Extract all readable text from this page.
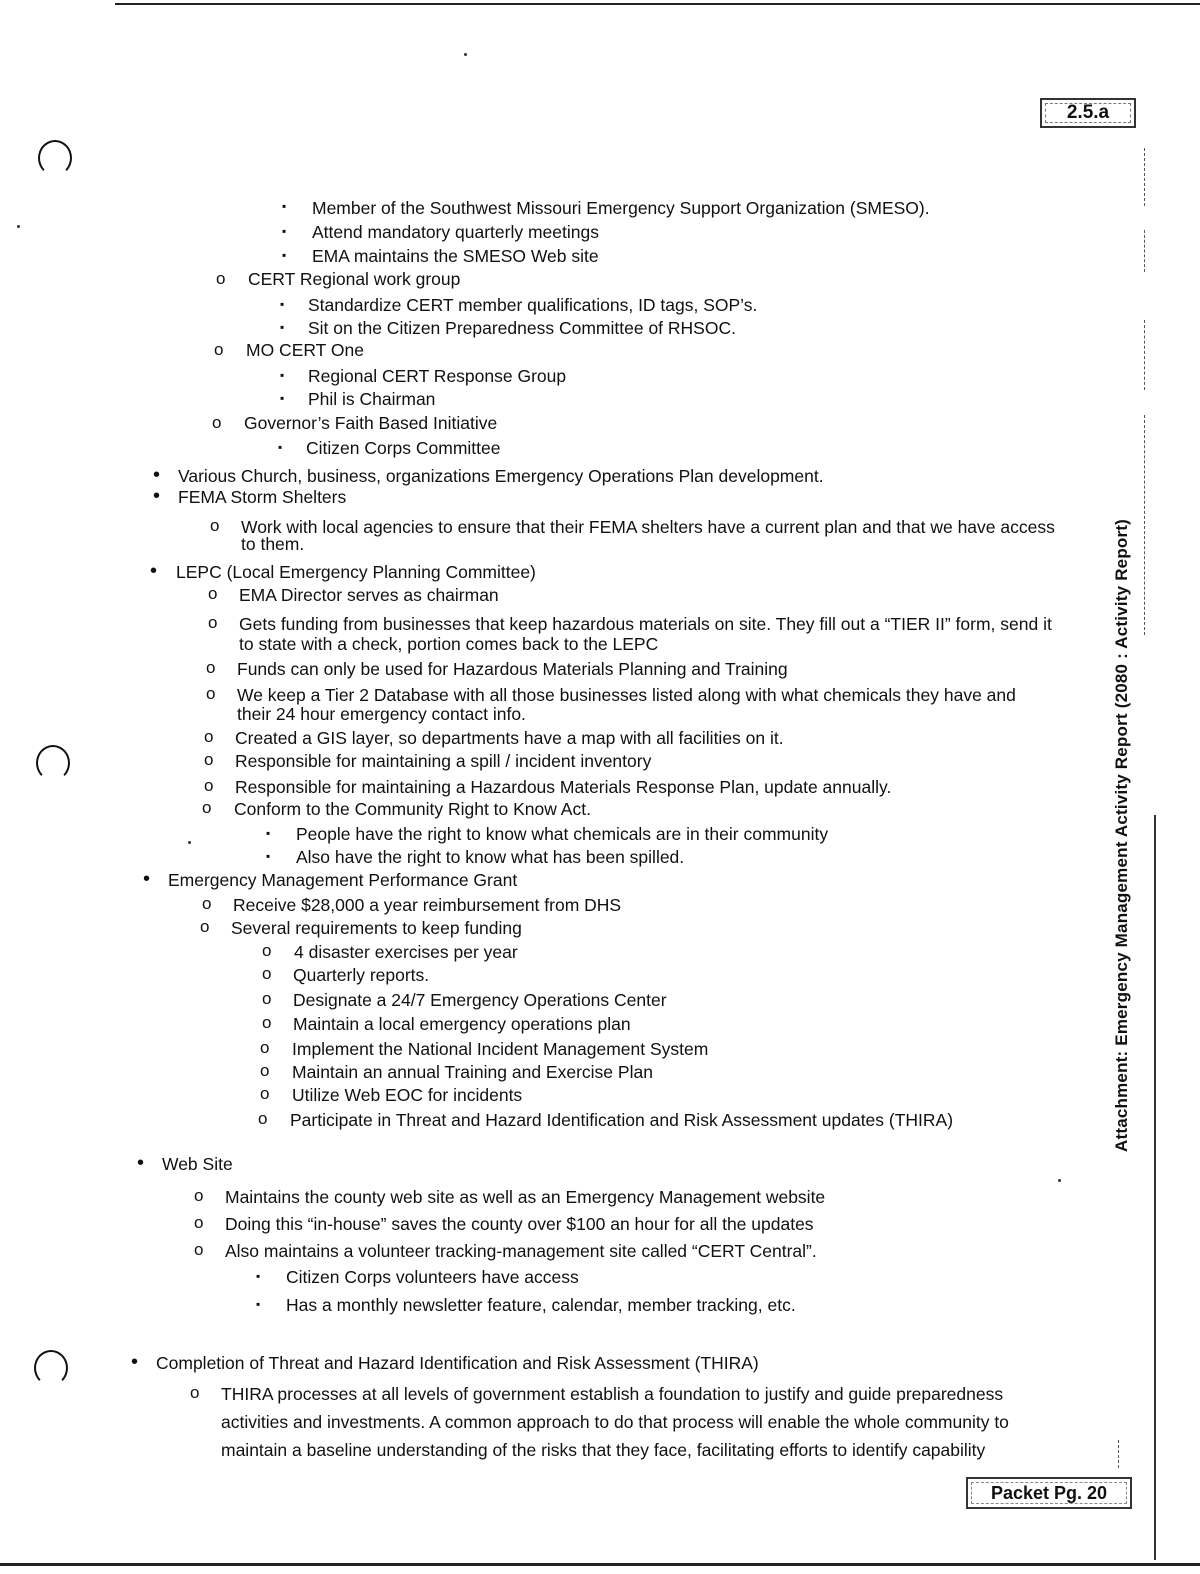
2.5.a
Attachment: Emergency Management Activity Report (2080 : Activity Report)
Packet Pg. 20
▪ Member of the Southwest Missouri Emergency Support Organization (SMESO).
▪ Attend mandatory quarterly meetings
▪ EMA maintains the SMESO Web site
o CERT Regional work group
▪ Standardize CERT member qualifications, ID tags, SOP’s.
▪ Sit on the Citizen Preparedness Committee of RHSOC.
o MO CERT One
▪ Regional CERT Response Group
▪ Phil is Chairman
o Governor’s Faith Based Initiative
▪ Citizen Corps Committee
• Various Church, business, organizations Emergency Operations Plan development.
• FEMA Storm Shelters
o Work with local agencies to ensure that their FEMA shelters have a current plan and that we have access
to them.
• LEPC (Local Emergency Planning Committee)
o EMA Director serves as chairman
o Gets funding from businesses that keep hazardous materials on site. They fill out a “TIER II” form, send it
to state with a check, portion comes back to the LEPC
o Funds can only be used for Hazardous Materials Planning and Training
o We keep a Tier 2 Database with all those businesses listed along with what chemicals they have and
their 24 hour emergency contact info.
o Created a GIS layer, so departments have a map with all facilities on it.
o Responsible for maintaining a spill / incident inventory
o Responsible for maintaining a Hazardous Materials Response Plan, update annually.
o Conform to the Community Right to Know Act.
▪ People have the right to know what chemicals are in their community
▪ Also have the right to know what has been spilled.
• Emergency Management Performance Grant
o Receive $28,000 a year reimbursement from DHS
o Several requirements to keep funding
o 4 disaster exercises per year
o Quarterly reports.
o Designate a 24/7 Emergency Operations Center
o Maintain a local emergency operations plan
o Implement the National Incident Management System
o Maintain an annual Training and Exercise Plan
o Utilize Web EOC for incidents
o Participate in Threat and Hazard Identification and Risk Assessment updates (THIRA)
• Web Site
o Maintains the county web site as well as an Emergency Management website
o Doing this “in-house” saves the county over $100 an hour for all the updates
o Also maintains a volunteer tracking-management site called “CERT Central”.
▪ Citizen Corps volunteers have access
▪ Has a monthly newsletter feature, calendar, member tracking, etc.
• Completion of Threat and Hazard Identification and Risk Assessment (THIRA)
o THIRA processes at all levels of government establish a foundation to justify and guide preparedness
activities and investments. A common approach to do that process will enable the whole community to
maintain a baseline understanding of the risks that they face, facilitating efforts to identify capability
